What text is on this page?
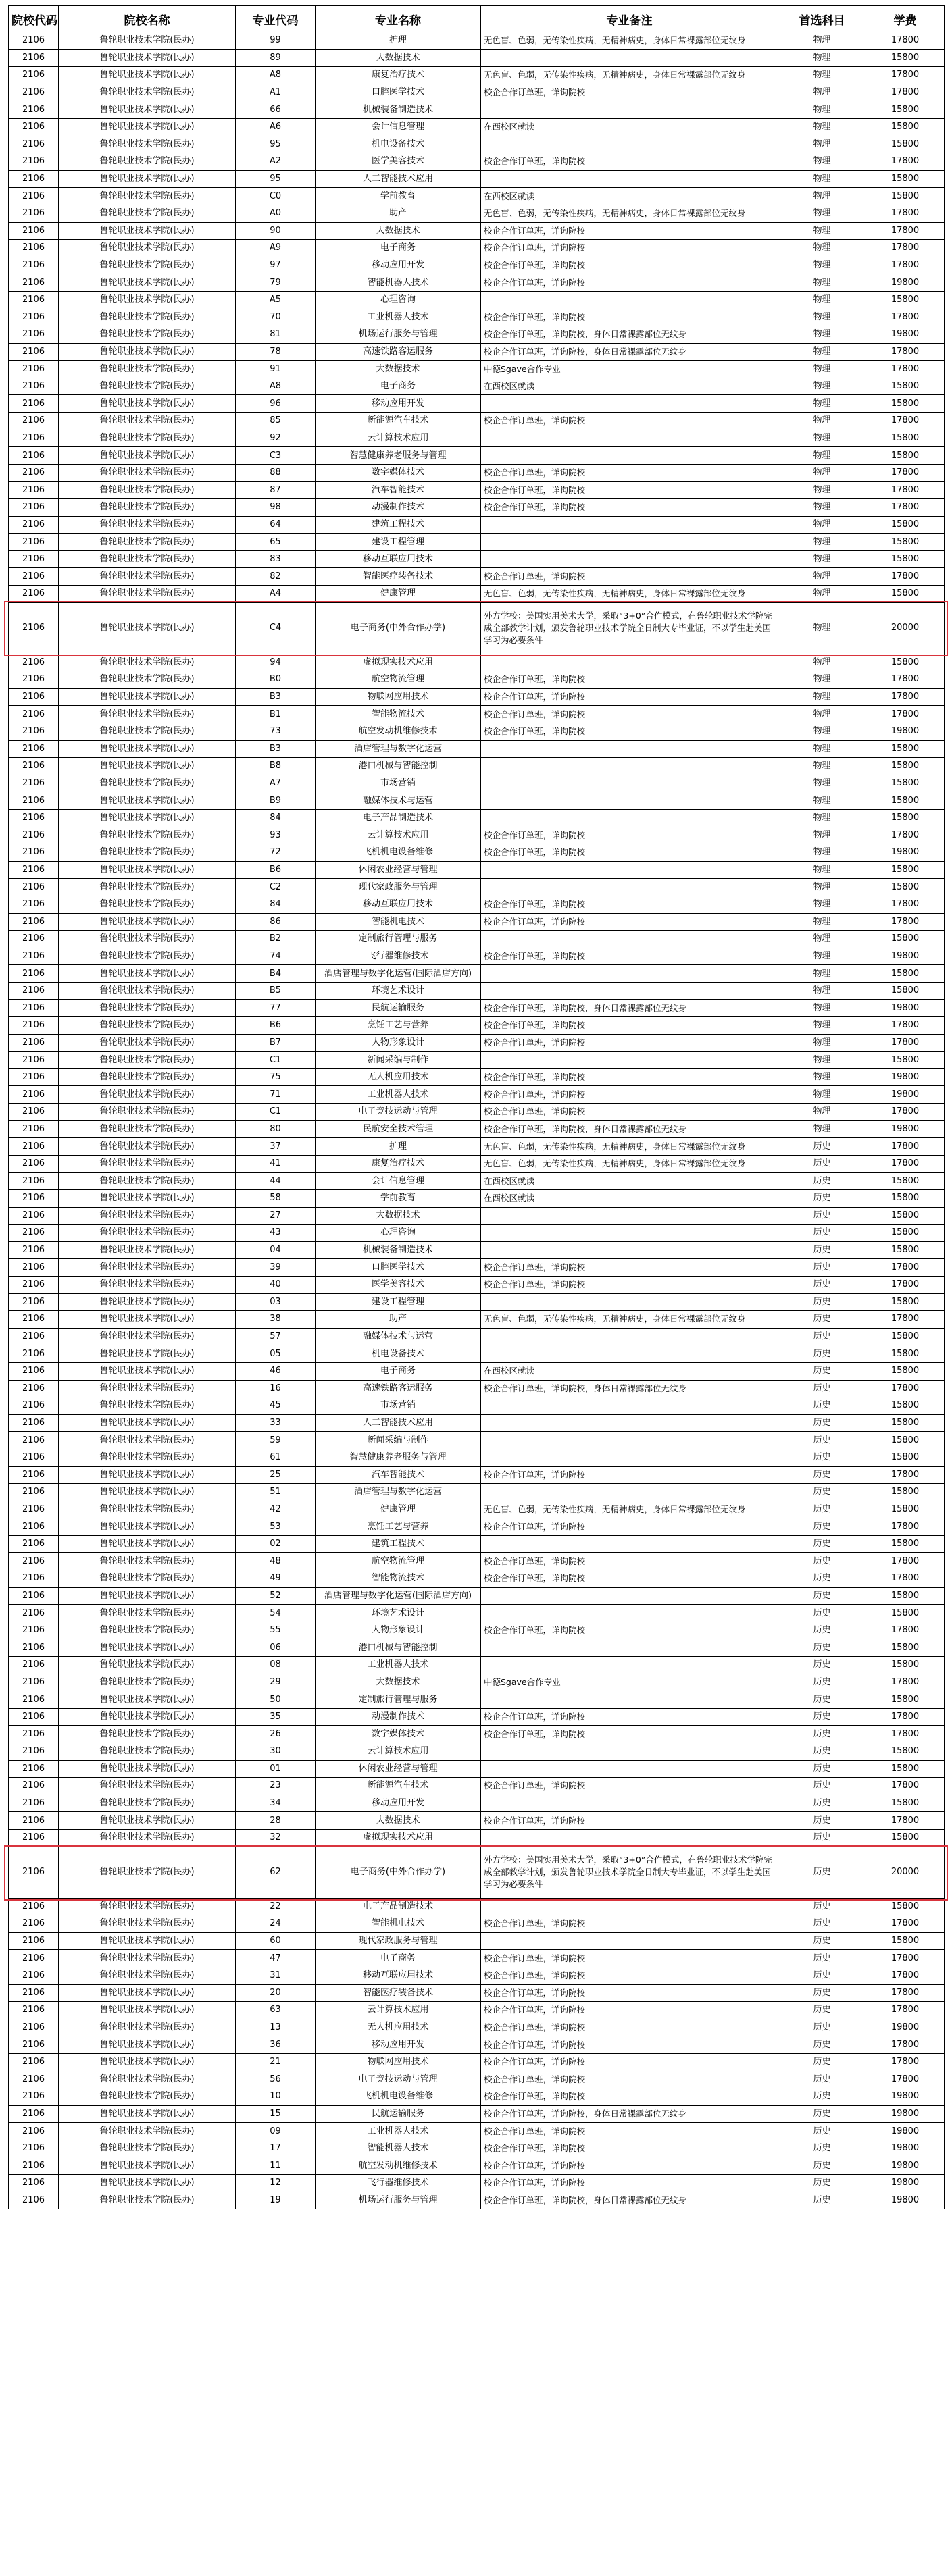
院校代码	院校名称	专业代码	专业名称	专业备注	首选科目	学费
2106	鲁轮职业技术学院(民办)	99	护理	无色盲、色弱，无传染性疾病，无精神病史，身体日常裸露部位无纹身	物理	17800
2106	鲁轮职业技术学院(民办)	89	大数据技术		物理	15800
2106	鲁轮职业技术学院(民办)	A8	康复治疗技术	无色盲、色弱，无传染性疾病，无精神病史，身体日常裸露部位无纹身	物理	17800
2106	鲁轮职业技术学院(民办)	A1	口腔医学技术	校企合作订单班，详询院校	物理	17800
2106	鲁轮职业技术学院(民办)	66	机械装备制造技术		物理	15800
2106	鲁轮职业技术学院(民办)	A6	会计信息管理	在西校区就读	物理	15800
2106	鲁轮职业技术学院(民办)	95	机电设备技术		物理	15800
2106	鲁轮职业技术学院(民办)	A2	医学美容技术	校企合作订单班，详询院校	物理	17800
2106	鲁轮职业技术学院(民办)	95	人工智能技术应用		物理	15800
2106	鲁轮职业技术学院(民办)	C0	学前教育	在西校区就读	物理	15800
2106	鲁轮职业技术学院(民办)	A0	助产	无色盲、色弱，无传染性疾病，无精神病史，身体日常裸露部位无纹身	物理	17800
2106	鲁轮职业技术学院(民办)	90	大数据技术	校企合作订单班，详询院校	物理	17800
2106	鲁轮职业技术学院(民办)	A9	电子商务	校企合作订单班，详询院校	物理	17800
2106	鲁轮职业技术学院(民办)	97	移动应用开发	校企合作订单班，详询院校	物理	17800
2106	鲁轮职业技术学院(民办)	79	智能机器人技术	校企合作订单班，详询院校	物理	19800
2106	鲁轮职业技术学院(民办)	A5	心理咨询		物理	15800
2106	鲁轮职业技术学院(民办)	70	工业机器人技术	校企合作订单班，详询院校	物理	17800
2106	鲁轮职业技术学院(民办)	81	机场运行服务与管理	校企合作订单班，详询院校，身体日常裸露部位无纹身	物理	19800
2106	鲁轮职业技术学院(民办)	78	高速铁路客运服务	校企合作订单班，详询院校，身体日常裸露部位无纹身	物理	17800
2106	鲁轮职业技术学院(民办)	91	大数据技术	中德Sgave合作专业	物理	17800
2106	鲁轮职业技术学院(民办)	A8	电子商务	在西校区就读	物理	15800
2106	鲁轮职业技术学院(民办)	96	移动应用开发		物理	15800
2106	鲁轮职业技术学院(民办)	85	新能源汽车技术	校企合作订单班，详询院校	物理	17800
2106	鲁轮职业技术学院(民办)	92	云计算技术应用		物理	15800
2106	鲁轮职业技术学院(民办)	C3	智慧健康养老服务与管理		物理	15800
2106	鲁轮职业技术学院(民办)	88	数字媒体技术	校企合作订单班，详询院校	物理	17800
2106	鲁轮职业技术学院(民办)	87	汽车智能技术	校企合作订单班，详询院校	物理	17800
2106	鲁轮职业技术学院(民办)	98	动漫制作技术	校企合作订单班，详询院校	物理	17800
2106	鲁轮职业技术学院(民办)	64	建筑工程技术		物理	15800
2106	鲁轮职业技术学院(民办)	65	建设工程管理		物理	15800
2106	鲁轮职业技术学院(民办)	83	移动互联应用技术		物理	15800
2106	鲁轮职业技术学院(民办)	82	智能医疗装备技术	校企合作订单班，详询院校	物理	17800
2106	鲁轮职业技术学院(民办)	A4	健康管理	无色盲、色弱，无传染性疾病，无精神病史，身体日常裸露部位无纹身	物理	15800
2106	鲁轮职业技术学院(民办)	C4	电子商务(中外合作办学)	外方学校：美国实用美术大学，采取“3+0”合作模式，在鲁轮职业技术学院完成全部教学计划，颁发鲁轮职业技术学院全日制大专毕业证，不以学生赴美国学习为必要条件	物理	20000
2106	鲁轮职业技术学院(民办)	94	虚拟现实技术应用		物理	15800
2106	鲁轮职业技术学院(民办)	B0	航空物流管理	校企合作订单班，详询院校	物理	17800
2106	鲁轮职业技术学院(民办)	B3	物联网应用技术	校企合作订单班，详询院校	物理	17800
2106	鲁轮职业技术学院(民办)	B1	智能物流技术	校企合作订单班，详询院校	物理	17800
2106	鲁轮职业技术学院(民办)	73	航空发动机维修技术	校企合作订单班，详询院校	物理	19800
2106	鲁轮职业技术学院(民办)	B3	酒店管理与数字化运营		物理	15800
2106	鲁轮职业技术学院(民办)	B8	港口机械与智能控制		物理	15800
2106	鲁轮职业技术学院(民办)	A7	市场营销		物理	15800
2106	鲁轮职业技术学院(民办)	B9	融媒体技术与运营		物理	15800
2106	鲁轮职业技术学院(民办)	84	电子产品制造技术		物理	15800
2106	鲁轮职业技术学院(民办)	93	云计算技术应用	校企合作订单班，详询院校	物理	17800
2106	鲁轮职业技术学院(民办)	72	飞机机电设备维修	校企合作订单班，详询院校	物理	19800
2106	鲁轮职业技术学院(民办)	B6	休闲农业经营与管理		物理	15800
2106	鲁轮职业技术学院(民办)	C2	现代家政服务与管理		物理	15800
2106	鲁轮职业技术学院(民办)	84	移动互联应用技术	校企合作订单班，详询院校	物理	17800
2106	鲁轮职业技术学院(民办)	86	智能机电技术	校企合作订单班，详询院校	物理	17800
2106	鲁轮职业技术学院(民办)	B2	定制旅行管理与服务		物理	15800
2106	鲁轮职业技术学院(民办)	74	飞行器维修技术	校企合作订单班，详询院校	物理	19800
2106	鲁轮职业技术学院(民办)	B4	酒店管理与数字化运营(国际酒店方向)		物理	15800
2106	鲁轮职业技术学院(民办)	B5	环境艺术设计		物理	15800
2106	鲁轮职业技术学院(民办)	77	民航运输服务	校企合作订单班，详询院校，身体日常裸露部位无纹身	物理	19800
2106	鲁轮职业技术学院(民办)	B6	烹饪工艺与营养	校企合作订单班，详询院校	物理	17800
2106	鲁轮职业技术学院(民办)	B7	人物形象设计	校企合作订单班，详询院校	物理	17800
2106	鲁轮职业技术学院(民办)	C1	新闻采编与制作		物理	15800
2106	鲁轮职业技术学院(民办)	75	无人机应用技术	校企合作订单班，详询院校	物理	19800
2106	鲁轮职业技术学院(民办)	71	工业机器人技术	校企合作订单班，详询院校	物理	19800
2106	鲁轮职业技术学院(民办)	C1	电子竞技运动与管理	校企合作订单班，详询院校	物理	17800
2106	鲁轮职业技术学院(民办)	80	民航安全技术管理	校企合作订单班，详询院校，身体日常裸露部位无纹身	物理	19800
2106	鲁轮职业技术学院(民办)	37	护理	无色盲、色弱，无传染性疾病，无精神病史，身体日常裸露部位无纹身	历史	17800
2106	鲁轮职业技术学院(民办)	41	康复治疗技术	无色盲、色弱，无传染性疾病，无精神病史，身体日常裸露部位无纹身	历史	17800
2106	鲁轮职业技术学院(民办)	44	会计信息管理	在西校区就读	历史	15800
2106	鲁轮职业技术学院(民办)	58	学前教育	在西校区就读	历史	15800
2106	鲁轮职业技术学院(民办)	27	大数据技术		历史	15800
2106	鲁轮职业技术学院(民办)	43	心理咨询		历史	15800
2106	鲁轮职业技术学院(民办)	04	机械装备制造技术		历史	15800
2106	鲁轮职业技术学院(民办)	39	口腔医学技术	校企合作订单班，详询院校	历史	17800
2106	鲁轮职业技术学院(民办)	40	医学美容技术	校企合作订单班，详询院校	历史	17800
2106	鲁轮职业技术学院(民办)	03	建设工程管理		历史	15800
2106	鲁轮职业技术学院(民办)	38	助产	无色盲、色弱，无传染性疾病，无精神病史，身体日常裸露部位无纹身	历史	17800
2106	鲁轮职业技术学院(民办)	57	融媒体技术与运营		历史	15800
2106	鲁轮职业技术学院(民办)	05	机电设备技术		历史	15800
2106	鲁轮职业技术学院(民办)	46	电子商务	在西校区就读	历史	15800
2106	鲁轮职业技术学院(民办)	16	高速铁路客运服务	校企合作订单班，详询院校，身体日常裸露部位无纹身	历史	17800
2106	鲁轮职业技术学院(民办)	45	市场营销		历史	15800
2106	鲁轮职业技术学院(民办)	33	人工智能技术应用		历史	15800
2106	鲁轮职业技术学院(民办)	59	新闻采编与制作		历史	15800
2106	鲁轮职业技术学院(民办)	61	智慧健康养老服务与管理		历史	15800
2106	鲁轮职业技术学院(民办)	25	汽车智能技术	校企合作订单班，详询院校	历史	17800
2106	鲁轮职业技术学院(民办)	51	酒店管理与数字化运营		历史	15800
2106	鲁轮职业技术学院(民办)	42	健康管理	无色盲、色弱，无传染性疾病，无精神病史，身体日常裸露部位无纹身	历史	15800
2106	鲁轮职业技术学院(民办)	53	烹饪工艺与营养	校企合作订单班，详询院校	历史	17800
2106	鲁轮职业技术学院(民办)	02	建筑工程技术		历史	15800
2106	鲁轮职业技术学院(民办)	48	航空物流管理	校企合作订单班，详询院校	历史	17800
2106	鲁轮职业技术学院(民办)	49	智能物流技术	校企合作订单班，详询院校	历史	17800
2106	鲁轮职业技术学院(民办)	52	酒店管理与数字化运营(国际酒店方向)		历史	15800
2106	鲁轮职业技术学院(民办)	54	环境艺术设计		历史	15800
2106	鲁轮职业技术学院(民办)	55	人物形象设计	校企合作订单班，详询院校	历史	17800
2106	鲁轮职业技术学院(民办)	06	港口机械与智能控制		历史	15800
2106	鲁轮职业技术学院(民办)	08	工业机器人技术		历史	15800
2106	鲁轮职业技术学院(民办)	29	大数据技术	中德Sgave合作专业	历史	17800
2106	鲁轮职业技术学院(民办)	50	定制旅行管理与服务		历史	15800
2106	鲁轮职业技术学院(民办)	35	动漫制作技术	校企合作订单班，详询院校	历史	17800
2106	鲁轮职业技术学院(民办)	26	数字媒体技术	校企合作订单班，详询院校	历史	17800
2106	鲁轮职业技术学院(民办)	30	云计算技术应用		历史	15800
2106	鲁轮职业技术学院(民办)	01	休闲农业经营与管理		历史	15800
2106	鲁轮职业技术学院(民办)	23	新能源汽车技术	校企合作订单班，详询院校	历史	17800
2106	鲁轮职业技术学院(民办)	34	移动应用开发		历史	15800
2106	鲁轮职业技术学院(民办)	28	大数据技术	校企合作订单班，详询院校	历史	17800
2106	鲁轮职业技术学院(民办)	32	虚拟现实技术应用		历史	15800
2106	鲁轮职业技术学院(民办)	62	电子商务(中外合作办学)	外方学校：美国实用美术大学，采取“3+0”合作模式，在鲁轮职业技术学院完成全部教学计划，颁发鲁轮职业技术学院全日制大专毕业证，不以学生赴美国学习为必要条件	历史	20000
2106	鲁轮职业技术学院(民办)	22	电子产品制造技术		历史	15800
2106	鲁轮职业技术学院(民办)	24	智能机电技术	校企合作订单班，详询院校	历史	17800
2106	鲁轮职业技术学院(民办)	60	现代家政服务与管理		历史	15800
2106	鲁轮职业技术学院(民办)	47	电子商务	校企合作订单班，详询院校	历史	17800
2106	鲁轮职业技术学院(民办)	31	移动互联应用技术	校企合作订单班，详询院校	历史	17800
2106	鲁轮职业技术学院(民办)	20	智能医疗装备技术	校企合作订单班，详询院校	历史	17800
2106	鲁轮职业技术学院(民办)	63	云计算技术应用	校企合作订单班，详询院校	历史	17800
2106	鲁轮职业技术学院(民办)	13	无人机应用技术	校企合作订单班，详询院校	历史	19800
2106	鲁轮职业技术学院(民办)	36	移动应用开发	校企合作订单班，详询院校	历史	17800
2106	鲁轮职业技术学院(民办)	21	物联网应用技术	校企合作订单班，详询院校	历史	17800
2106	鲁轮职业技术学院(民办)	56	电子竞技运动与管理	校企合作订单班，详询院校	历史	17800
2106	鲁轮职业技术学院(民办)	10	飞机机电设备维修	校企合作订单班，详询院校	历史	19800
2106	鲁轮职业技术学院(民办)	15	民航运输服务	校企合作订单班，详询院校，身体日常裸露部位无纹身	历史	19800
2106	鲁轮职业技术学院(民办)	09	工业机器人技术	校企合作订单班，详询院校	历史	19800
2106	鲁轮职业技术学院(民办)	17	智能机器人技术	校企合作订单班，详询院校	历史	19800
2106	鲁轮职业技术学院(民办)	11	航空发动机维修技术	校企合作订单班，详询院校	历史	19800
2106	鲁轮职业技术学院(民办)	12	飞行器维修技术	校企合作订单班，详询院校	历史	19800
2106	鲁轮职业技术学院(民办)	19	机场运行服务与管理	校企合作订单班，详询院校，身体日常裸露部位无纹身	历史	19800
